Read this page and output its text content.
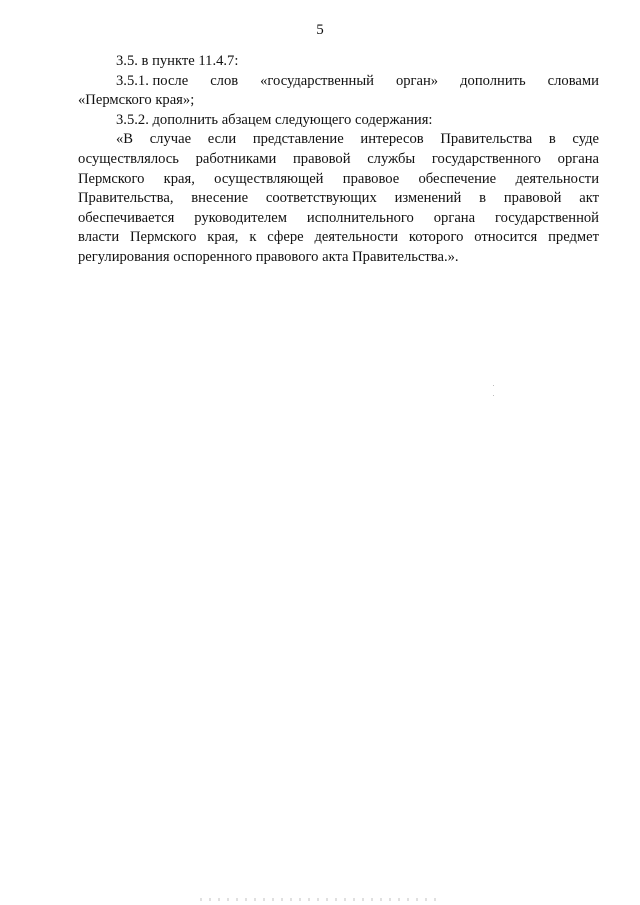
5

3.5. в пункте 11.4.7:

3.5.1. после слов «государственный орган» дополнить словами
«Пермского края»;

3.5.2. дополнить абзацем следующего содержания:

«В случае если представление интересов Правительства в суде
осуществлялось работниками правовой службы государственного органа
Пермского края, осуществляющей правовое обеспечение деятельности
Правительства, внесение соответствующих изменений в правовой акт
обеспечивается руководителем исполнительного органа государственной
власти Пермского края, к сфере деятельности которого относится предмет
регулирования оспоренного правового акта Правительства.».
